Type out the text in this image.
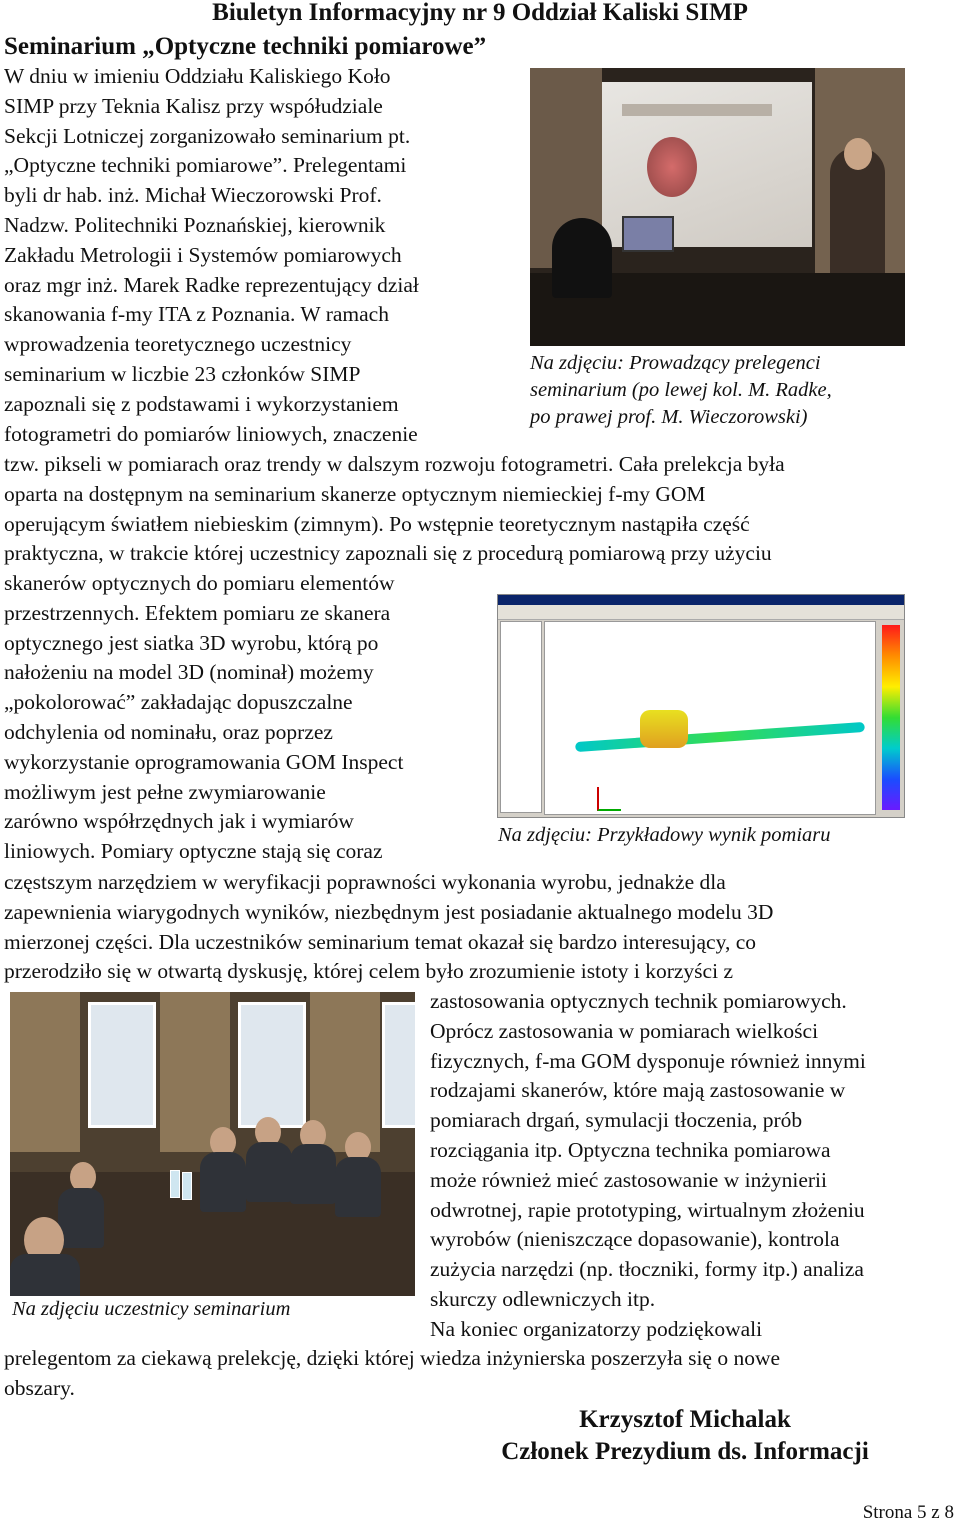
Biuletyn Informacyjny nr 9 Oddział Kaliski SIMP
Seminarium „Optyczne techniki pomiarowe”
W dniu w imieniu Oddziału Kaliskiego Koło
SIMP przy Teknia Kalisz przy współudziale
Sekcji Lotniczej zorganizowało seminarium pt.
„Optyczne techniki pomiarowe”. Prelegentami
byli dr hab. inż. Michał Wieczorowski Prof.
Nadzw. Politechniki Poznańskiej, kierownik
Zakładu Metrologii i Systemów pomiarowych
oraz mgr inż. Marek Radke reprezentujący dział
skanowania f-my ITA z Poznania. W ramach
wprowadzenia teoretycznego uczestnicy
seminarium w liczbie 23 członków SIMP
zapoznali się z podstawami i wykorzystaniem
fotogrametri do pomiarów liniowych, znaczenie
Na zdjęciu: Prowadzący prelegenci
seminarium (po lewej kol. M. Radke,
po prawej prof. M. Wieczorowski)
tzw. pikseli w pomiarach oraz trendy w dalszym rozwoju fotogrametri. Cała prelekcja była
oparta na dostępnym na seminarium skanerze optycznym niemieckiej f-my GOM
operującym światłem niebieskim (zimnym). Po wstępnie teoretycznym nastąpiła część
praktyczna, w trakcie której uczestnicy zapoznali się z procedurą pomiarową przy użyciu
skanerów optycznych do pomiaru elementów
przestrzennych. Efektem pomiaru ze skanera
optycznego jest siatka 3D wyrobu, którą po
nałożeniu na model 3D (nominał) możemy
„pokolorować” zakładając dopuszczalne
odchylenia od nominału, oraz poprzez
wykorzystanie oprogramowania GOM Inspect
możliwym jest pełne zwymiarowanie
zarówno współrzędnych jak i wymiarów
liniowych. Pomiary optyczne stają się coraz
Na zdjęciu: Przykładowy wynik pomiaru
częstszym narzędziem w weryfikacji poprawności wykonania wyrobu, jednakże dla
zapewnienia wiarygodnych wyników, niezbędnym jest posiadanie aktualnego modelu 3D
mierzonej części. Dla uczestników seminarium temat okazał się bardzo interesujący, co
przerodziło się w otwartą dyskusję, której celem było zrozumienie istoty i korzyści z
Na zdjęciu uczestnicy seminarium
zastosowania optycznych technik pomiarowych.
Oprócz zastosowania w pomiarach wielkości
fizycznych, f-ma GOM dysponuje również innymi
rodzajami skanerów, które mają zastosowanie w
pomiarach drgań, symulacji tłoczenia, prób
rozciągania itp. Optyczna technika pomiarowa
może również mieć zastosowanie w inżynierii
odwrotnej, rapie prototyping, wirtualnym złożeniu
wyrobów (nieniszczące dopasowanie), kontrola
zużycia narzędzi (np. tłoczniki, formy itp.) analiza
skurczy odlewniczych itp.
Na koniec organizatorzy podziękowali
prelegentom za ciekawą prelekcję, dzięki której wiedza inżynierska poszerzyła się o nowe
obszary.
Krzysztof Michalak
Członek Prezydium ds. Informacji
Strona 5 z 8
